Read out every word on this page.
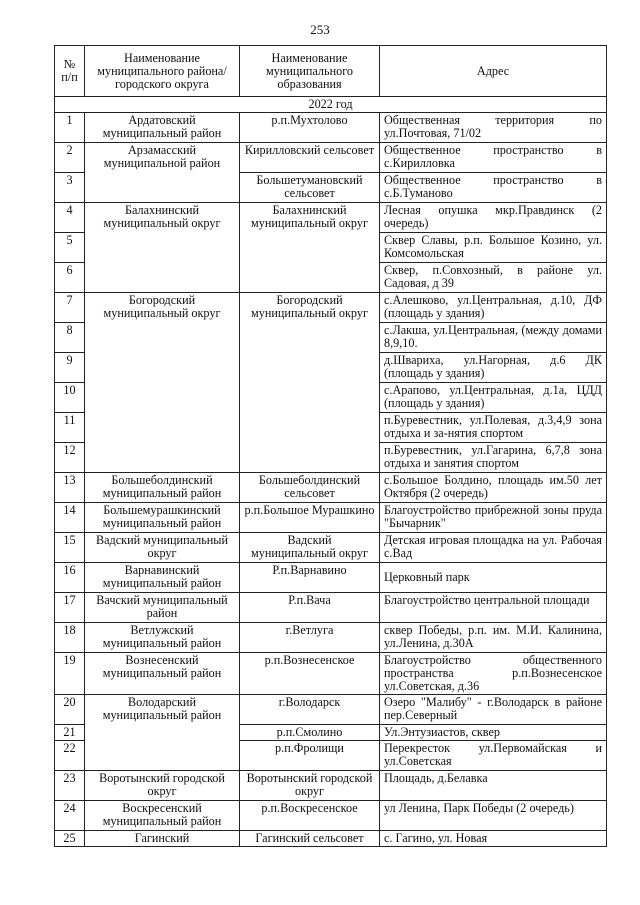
253
№ п/п	Наименование муниципального района/ городского округа	Наименование муниципального образования	Адрес
2022 год			
1	Ардатовский муниципальный район	р.п.Мухтолово	Общественная территория по ул.Почтовая, 71/02
2	Арзамасский муниципальной район	Кирилловский сельсовет	Общественное пространство в с.Кирилловка
3		Большетумановский сельсовет	Общественное пространство в с.Б.Туманово
4	Балахнинский муниципальный округ	Балахнинский муниципальный округ	Лесная опушка мкр.Правдинск (2 очередь)
5			Сквер Славы, р.п. Большое Козино, ул. Комсомольская
6			Сквер, п.Совхозный, в районе ул. Садовая, д 39
7	Богородский муниципальный округ	Богородский муниципальный округ	с.Алешково, ул.Центральная, д.10, ДФ (площадь у здания)
8			с.Лакша, ул.Центральная, (между домами 8,9,10.
9			д.Швариха, ул.Нагорная, д.6 ДК (площадь у здания)
10			с.Арапово, ул.Центральная, д.1а, ЦДД (площадь у здания)
11			п.Буревестник, ул.Полевая, д.3,4,9 зона отдыха и за-нятия спортом
12			п.Буревестник, ул.Гагарина, 6,7,8 зона отдыха и занятия спортом
13	Большеболдинский муниципальный район	Большеболдинский сельсовет	с.Большое Болдино, площадь им.50 лет Октября (2 очередь)
14	Большемурашкинский муниципальный район	р.п.Большое Мурашкино	Благоустройство прибрежной зоны пруда "Бычарник"
15	Вадский муниципальный округ	Вадский муниципальный округ	Детская игровая площадка на ул. Рабочая с.Вад
16	Варнавинский муниципальный район	Р.п.Варнавино	Церковный парк
17	Вачский муниципальный район	Р.п.Вача	Благоустройство центральной площади
18	Ветлужский муниципальный район	г.Ветлуга	сквер Победы, р.п. им. М.И. Калинина, ул.Ленина, д.30А
19	Вознесенский муниципальный район	р.п.Вознесенское	Благоустройство общественного пространства р.п.Вознесенское ул.Советская, д.36
20	Володарский муниципальный район	г.Володарск	Озеро "Малибу" - г.Володарск в районе пер.Северный
21		р.п.Смолино	Ул.Энтузиастов, сквер
22		р.п.Фролищи	Перекресток ул.Первомайская и ул.Советская
23	Воротынский городской округ	Воротынский городской округ	Площадь, д.Белавка
24	Воскресенский муниципальный район	р.п.Воскресенское	ул Ленина, Парк Победы (2 очередь)
25	Гагинский	Гагинский сельсовет	с. Гагино, ул. Новая
